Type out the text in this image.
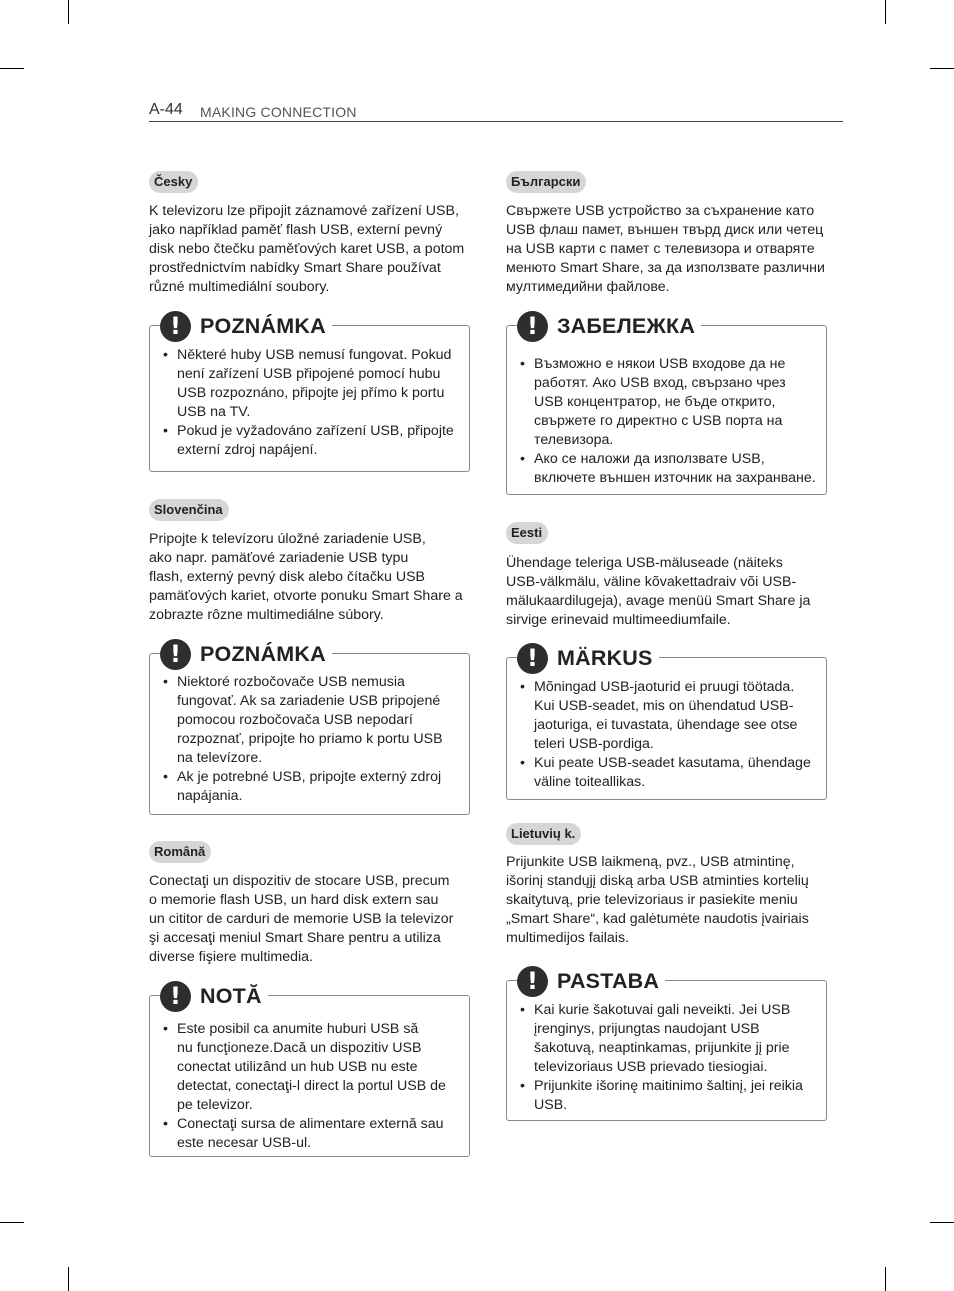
A-44 MAKING CONNECTION
Česky
K televizoru lze připojit záznamové zařízení USB,
jako například paměť flash USB, externí pevný
disk nebo čtečku paměťových karet USB, a potom
prostřednictvím nabídky Smart Share používat
různé multimediální soubory.
! POZNÁMKA
• Některé huby USB nemusí fungovat. Pokud
není zařízení USB připojené pomocí hubu
USB rozpoznáno, připojte jej přímo k portu
USB na TV.
• Pokud je vyžadováno zařízení USB, připojte
externí zdroj napájení.
Slovenčina
Pripojte k televízoru úložné zariadenie USB,
ako napr. pamäťové zariadenie USB typu
flash, externý pevný disk alebo čítačku USB
pamäťových kariet, otvorte ponuku Smart Share a
zobrazte rôzne multimediálne súbory.
! POZNÁMKA
• Niektoré rozbočovače USB nemusia
fungovať. Ak sa zariadenie USB pripojené
pomocou rozbočovača USB nepodarí
rozpoznať, pripojte ho priamo k portu USB
na televízore.
• Ak je potrebné USB, pripojte externý zdroj
napájania.
Română
Conectaţi un dispozitiv de stocare USB, precum
o memorie flash USB, un hard disk extern sau
un cititor de carduri de memorie USB la televizor
şi accesaţi meniul Smart Share pentru a utiliza
diverse fişiere multimedia.
! NOTĂ
• Este posibil ca anumite huburi USB să
nu funcţioneze.Dacă un dispozitiv USB
conectat utilizând un hub USB nu este
detectat, conectaţi-l direct la portul USB de
pe televizor.
• Conectaţi sursa de alimentare externă sau
este necesar USB-ul.
Български
Свържете USB устройство за съхранение като
USB флаш памет, външен твърд диск или четец
на USB карти с памет с телевизора и отваряте
менюто Smart Share, за да използвате различни
мултимедийни файлове.
! ЗАБЕЛЕЖКА
• Възможно е някои USB входове да не
работят. Ако USB вход, свързано чрез
USB концентратор, не бъде открито,
свържете го директно с USB порта на
телевизора.
• Ако се наложи да използвате USB,
включете външен източник на захранване.
Eesti
Ühendage teleriga USB-mäluseade (näiteks
USB-välkmälu, väline kõvakettadraiv või USB-
mälukaardilugeja), avage menüü Smart Share ja
sirvige erinevaid multimeediumfaile.
! MÄRKUS
• Mõningad USB-jaoturid ei pruugi töötada.
Kui USB-seadet, mis on ühendatud USB-
jaoturiga, ei tuvastata, ühendage see otse
teleri USB-pordiga.
• Kui peate USB-seadet kasutama, ühendage
väline toiteallikas.
Lietuvių k.
Prijunkite USB laikmeną, pvz., USB atmintinę,
išorinį standųjį diską arba USB atminties kortelių
skaitytuvą, prie televizoriaus ir pasiekite meniu
„Smart Share“, kad galėtumėte naudotis įvairiais
multimedijos failais.
! PASTABA
• Kai kurie šakotuvai gali neveikti. Jei USB
įrenginys, prijungtas naudojant USB
šakotuvą, neaptinkamas, prijunkite jį prie
televizoriaus USB prievado tiesiogiai.
• Prijunkite išorinę maitinimo šaltinį, jei reikia
USB.
